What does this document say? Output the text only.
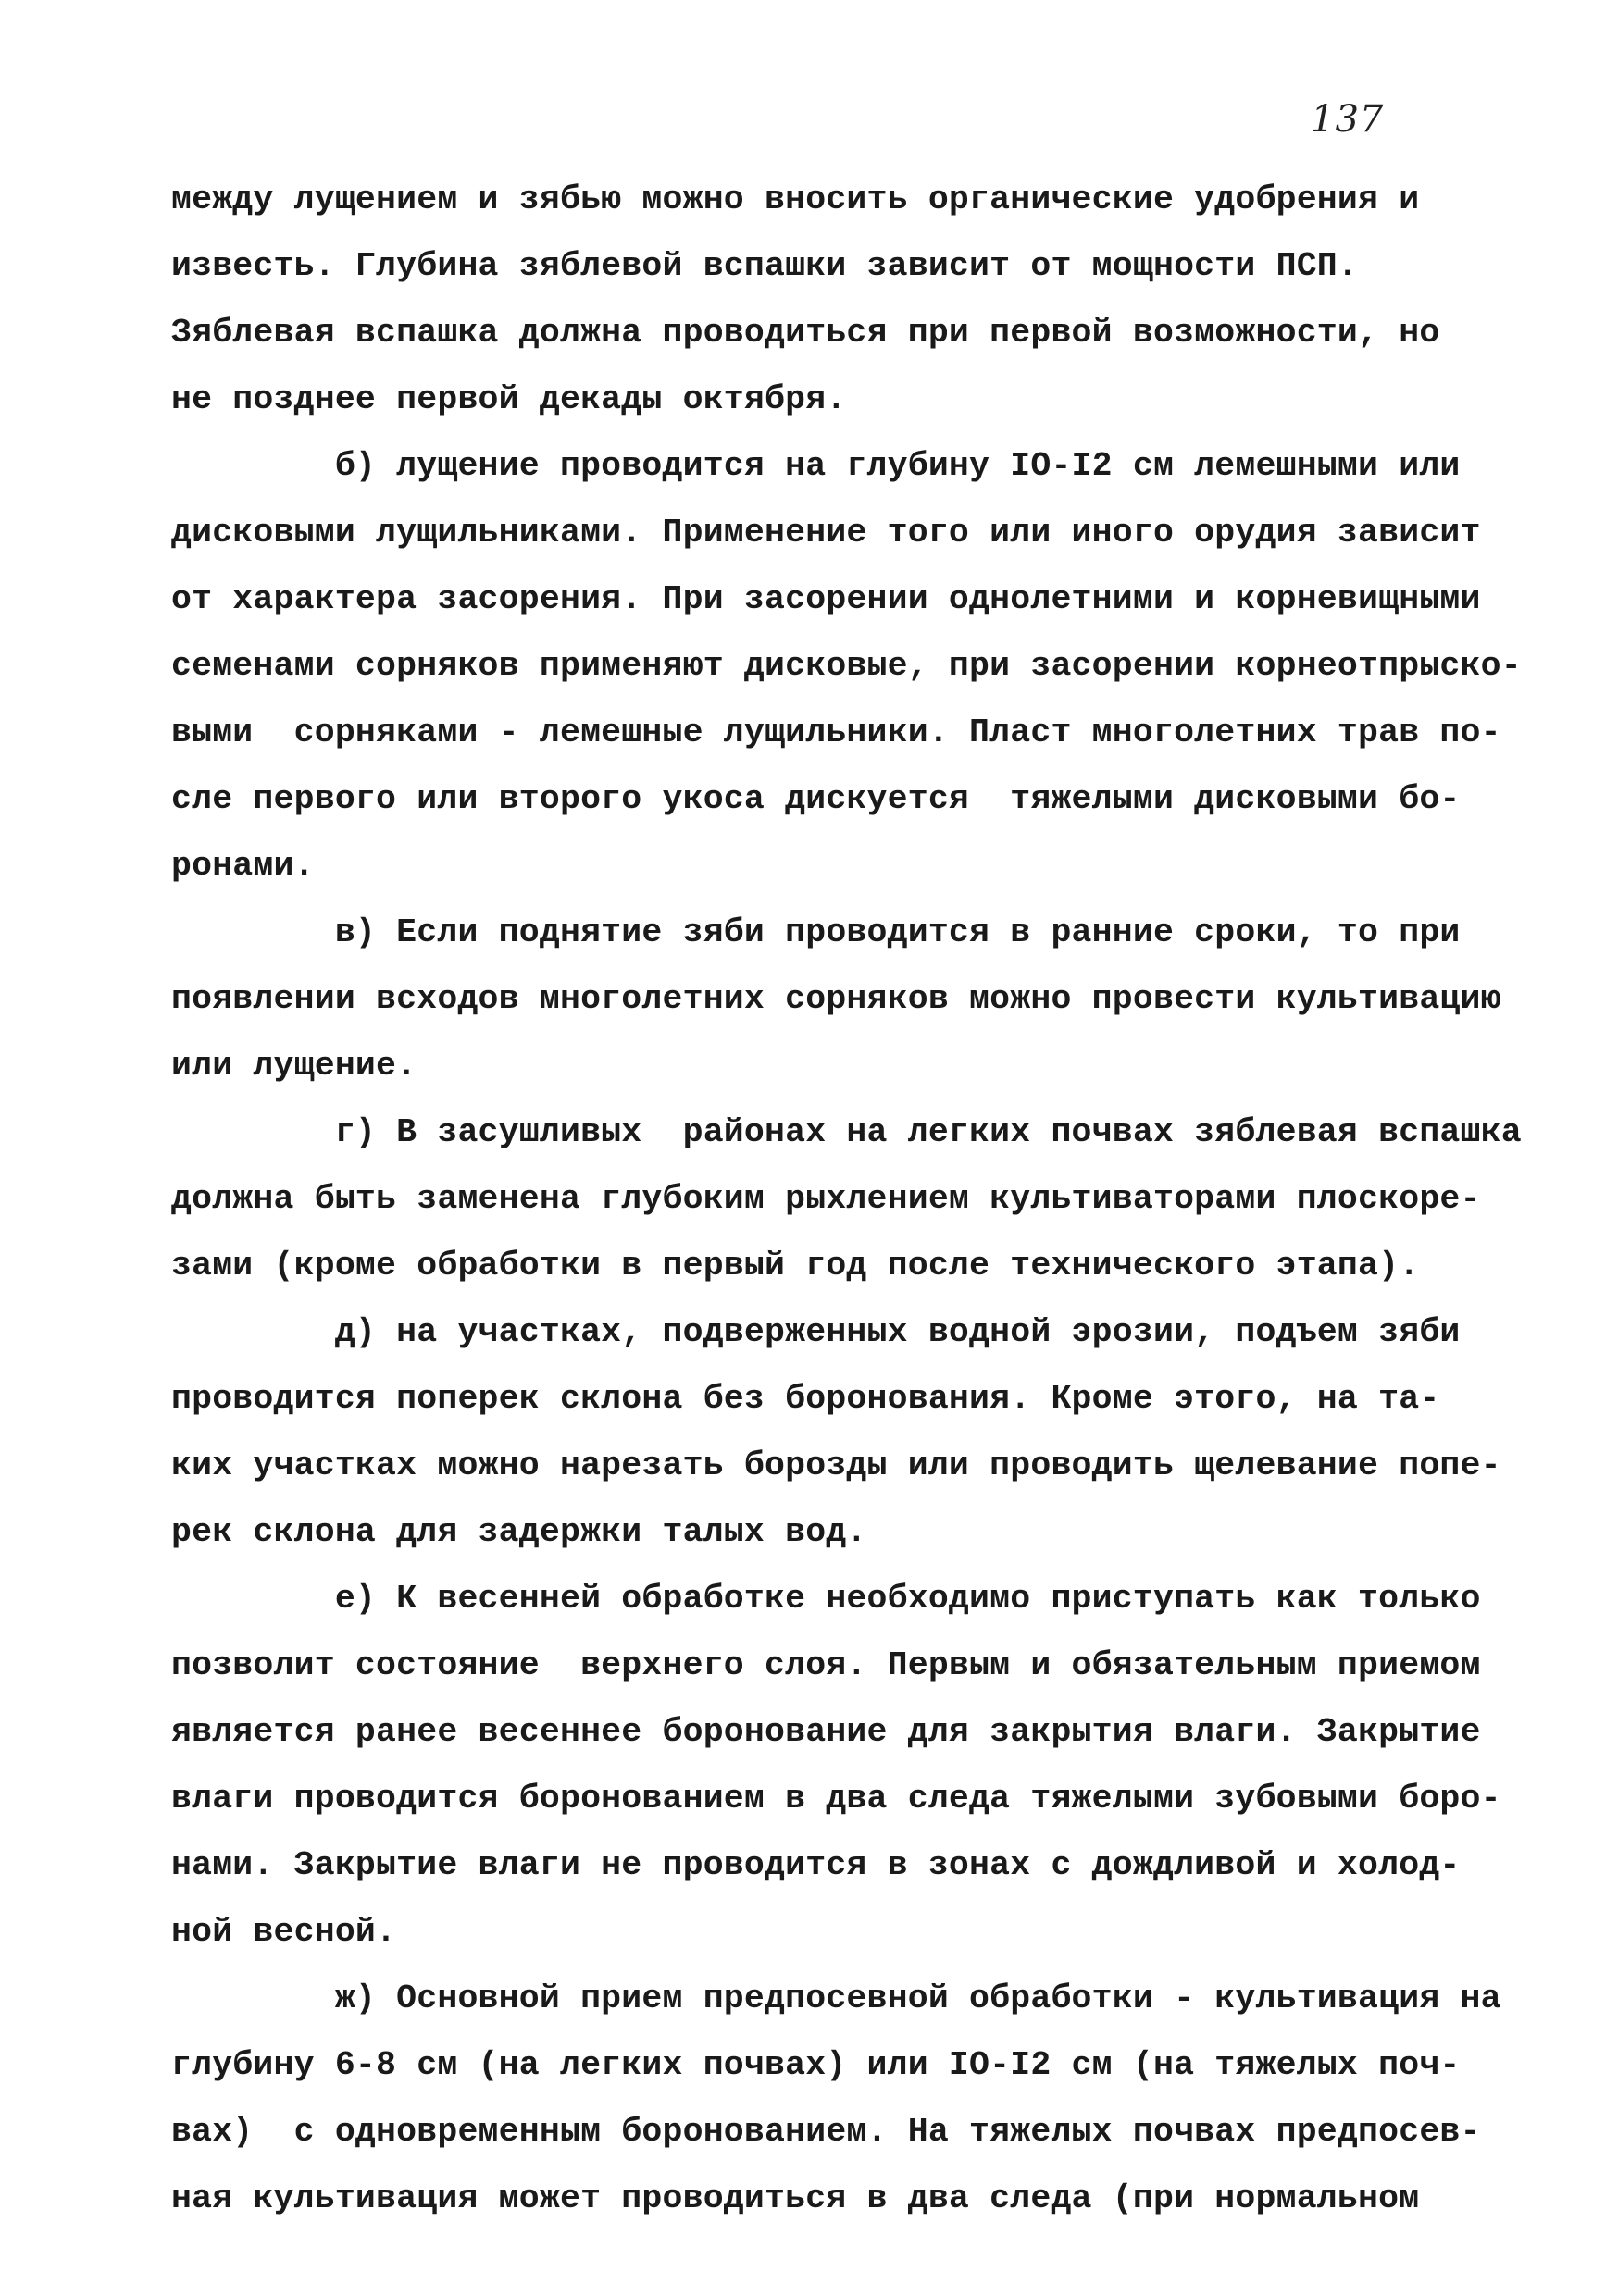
137
между лущением и зябью можно вносить органические удобрения и
известь. Глубина зяблевой вспашки зависит от мощности ПСП.
Зяблевая вспашка должна проводиться при первой возможности, но
не позднее первой декады октября.
б) лущение проводится на глубину IO-I2 см лемешными или
дисковыми лущильниками. Применение того или иного орудия зависит
от характера засорения. При засорении однолетними и корневищными
семенами сорняков применяют дисковые, при засорении корнеотпрыско-
выми  сорняками - лемешные лущильники. Пласт многолетних трав по-
сле первого или второго укоса дискуется  тяжелыми дисковыми бо-
ронами.
в) Если поднятие зяби проводится в ранние сроки, то при
появлении всходов многолетних сорняков можно провести культивацию
или лущение.
г) В засушливых  районах на легких почвах зяблевая вспашка
должна быть заменена глубоким рыхлением культиваторами плоскоре-
зами (кроме обработки в первый год после технического этапа).
д) на участках, подверженных водной эрозии, подъем зяби
проводится поперек склона без боронования. Кроме этого, на та-
ких участках можно нарезать борозды или проводить щелевание попе-
рек склона для задержки талых вод.
е) К весенней обработке необходимо приступать как только
позволит состояние  верхнего слоя. Первым и обязательным приемом
является ранее весеннее боронование для закрытия влаги. Закрытие
влаги проводится боронованием в два следа тяжелыми зубовыми боро-
нами. Закрытие влаги не проводится в зонах с дождливой и холод-
ной весной.
ж) Основной прием предпосевной обработки - культивация на
глубину 6-8 см (на легких почвах) или IO-I2 см (на тяжелых поч-
вах)  с одновременным боронованием. На тяжелых почвах предпосев-
ная культивация может проводиться в два следа (при нормальном
